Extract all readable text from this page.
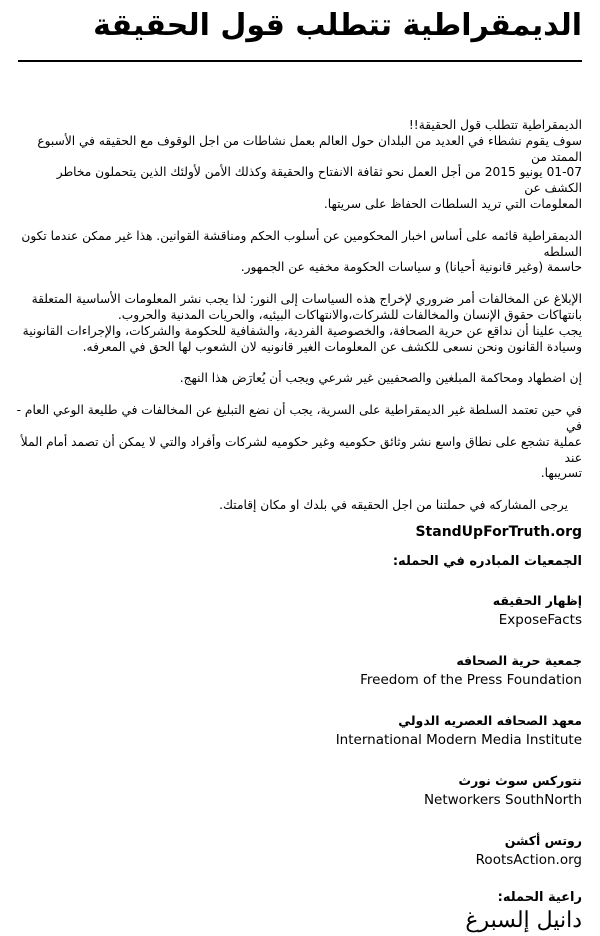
الديمقراطية تتطلب قول الحقيقة
الديمقراطية تتطلب قول الحقيقة!!
سوف يقوم نشطاء في العديد من البلدان حول العالم بعمل نشاطات من اجل الوقوف مع الحقيقه في الأسبوع الممتد من
01-07 يونيو 2015 من أجل العمل نحو ثقافة الانفتاح والحقيقة وكذلك الأمن لأولئك الذين يتحملون مخاطر الكشف عن
المعلومات التي تريد السلطات الحفاظ على سريتها.
الديمقراطية قائمه على أساس اخبار المحكومين عن أسلوب الحكم ومناقشة القوانين. هذا غير ممكن عندما تكون السلطه
حاسمة (وغير قانونية أحيانا) و سياسات الحكومة مخفيه عن الجمهور.
الإبلاغ عن المخالفات أمر ضروري لإخراج هذه السياسات إلى النور: لذا يجب نشر المعلومات الأساسية المتعلقة
بانتهاكات حقوق الإنسان والمخالفات للشركات،والانتهاكات البيئيه، والحريات المدنية والحروب.
يجب علينا أن نداقع عن حرية الصحافة، والخصوصية الفردية، والشفافية للحكومة والشركات، والإجراءات القانونية
وسيادة القانون ونحن نسعى للكشف عن المعلومات الغير قانونيه لان الشعوب لها الحق في المعرفه.
إن اضطهاد ومحاكمة المبلغين والصحفيين غير شرعي ويجب أن يُعارَض هذا النهج.
في حين تعتمد السلطة غير الديمقراطية على السرية، يجب أن نضع التبليغ عن المخالفات في طليعة الوعي العام - في
عملية تشجع على نطاق واسع نشر وثائق حكوميه وغير حكوميه لشركات وأفراد والتي لا يمكن أن تصمد أمام الملأ عند
تسريبها.
يرجى المشاركه في حملتنا من اجل الحقيقه في بلدك او مكان إقامتك.
StandUpForTruth.org
الجمعيات المبادره في الحمله:
إظهار الحقيقه
ExposeFacts
جمعية حرية الصحافه
Freedom of the Press Foundation
معهد الصحافه العصريه الدولي
International Modern Media Institute
نتوركس سوث نورث
Networkers SouthNorth
روتس أكشن
RootsAction.org
راعية الحمله:
دانيل إلسبرغ
